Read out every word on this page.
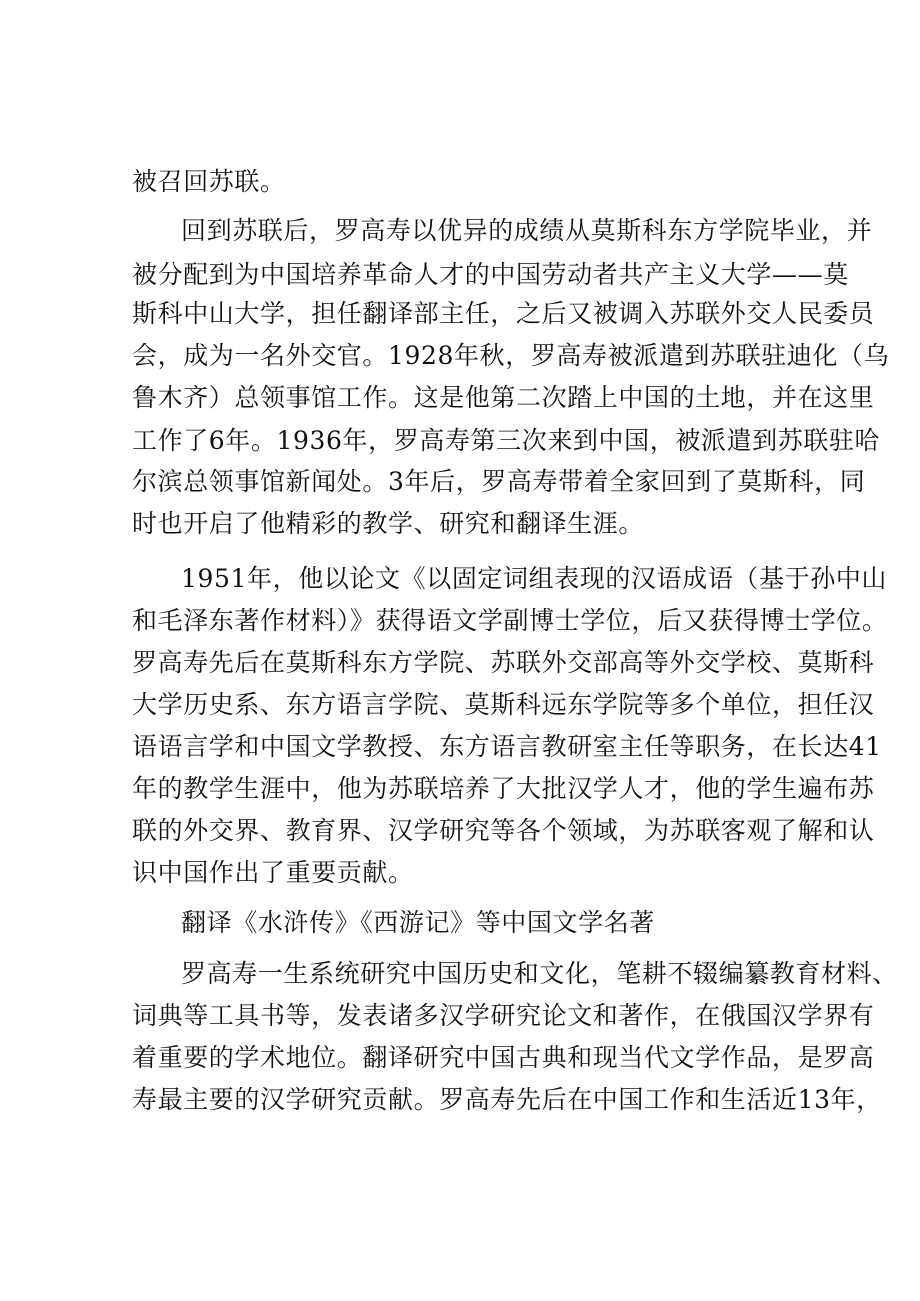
被召回苏联。
回到苏联后，罗高寿以优异的成绩从莫斯科东方学院毕业，并
被分配到为中国培养革命人才的中国劳动者共产主义大学——莫
斯科中山大学，担任翻译部主任，之后又被调入苏联外交人民委员
会，成为一名外交官。1928年秋，罗高寿被派遣到苏联驻迪化（乌
鲁木齐）总领事馆工作。这是他第二次踏上中国的土地，并在这里
工作了6年。1936年，罗高寿第三次来到中国，被派遣到苏联驻哈
尔滨总领事馆新闻处。3年后，罗高寿带着全家回到了莫斯科，同
时也开启了他精彩的教学、研究和翻译生涯。
1951年，他以论文《以固定词组表现的汉语成语（基于孙中山
和毛泽东著作材料）》获得语文学副博士学位，后又获得博士学位。
罗高寿先后在莫斯科东方学院、苏联外交部高等外交学校、莫斯科
大学历史系、东方语言学院、莫斯科远东学院等多个单位，担任汉
语语言学和中国文学教授、东方语言教研室主任等职务，在长达41
年的教学生涯中，他为苏联培养了大批汉学人才，他的学生遍布苏
联的外交界、教育界、汉学研究等各个领域，为苏联客观了解和认
识中国作出了重要贡献。
翻译《水浒传》《西游记》等中国文学名著
罗高寿一生系统研究中国历史和文化，笔耕不辍编纂教育材料、
词典等工具书等，发表诸多汉学研究论文和著作，在俄国汉学界有
着重要的学术地位。翻译研究中国古典和现当代文学作品，是罗高
寿最主要的汉学研究贡献。罗高寿先后在中国工作和生活近13年，
